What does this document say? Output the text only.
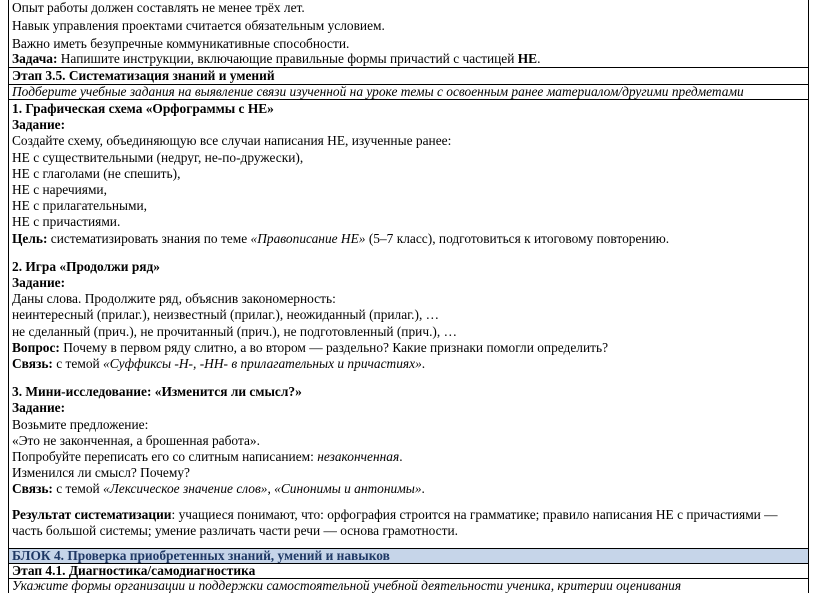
Опыт работы должен составлять не менее трёх лет.
Навык управления проектами считается обязательным условием.
Важно иметь безупречные коммуникативные способности.
Задача: Напишите инструкции, включающие правильные формы причастий с частицей НЕ.
Этап 3.5. Систематизация знаний и умений
Подберите учебные задания на выявление связи изученной на уроке темы с освоенным ранее материалом/другими предметами
1. Графическая схема «Орфограммы с НЕ»
Задание:
Создайте схему, объединяющую все случаи написания НЕ, изученные ранее:
НЕ с существительными (недруг, не-по-дружески),
НЕ с глаголами (не спешить),
НЕ с наречиями,
НЕ с прилагательными,
НЕ с причастиями.
Цель: систематизировать знания по теме «Правописание НЕ» (5–7 класс), подготовиться к итоговому повторению.
2. Игра «Продолжи ряд»
Задание:
Даны слова. Продолжите ряд, объяснив закономерность:
неинтересный (прилаг.), неизвестный (прилаг.), неожиданный (прилаг.), …
не сделанный (прич.), не прочитанный (прич.), не подготовленный (прич.), …
Вопрос: Почему в первом ряду слитно, а во втором — раздельно? Какие признаки помогли определить?
Связь: с темой «Суффиксы -Н-, -НН- в прилагательных и причастиях».
3. Мини-исследование: «Изменится ли смысл?»
Задание:
Возьмите предложение:
«Это не законченная, а брошенная работа».
Попробуйте переписать его со слитным написанием: незаконченная.
Изменился ли смысл? Почему?
Связь: с темой «Лексическое значение слов», «Синонимы и антонимы».
Результат систематизации: учащиеся понимают, что: орфография строится на грамматике; правило написания НЕ с причастиями —
часть большой системы; умение различать части речи — основа грамотности.
БЛОК 4. Проверка приобретенных знаний, умений и навыков
Этап 4.1. Диагностика/самодиагностика
Укажите формы организации и поддержки самостоятельной учебной деятельности ученика, критерии оценивания
